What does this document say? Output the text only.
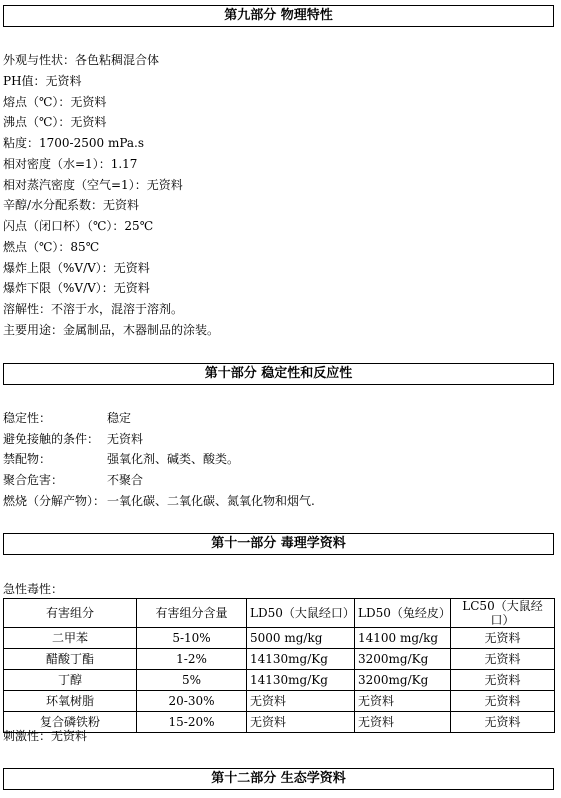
第九部分 物理特性
外观与性状：各色粘稠混合体
PH值：无资料
熔点（℃）：无资料
沸点（℃）：无资料
粘度：1700-2500 mPa.s
相对密度（水=1）：1.17
相对蒸汽密度（空气=1）：无资料
辛醇/水分配系数：无资料
闪点（闭口杯）（℃）：25℃
燃点（℃）：85℃
爆炸上限（%V/V）：无资料
爆炸下限（%V/V）：无资料
溶解性：不溶于水，混溶于溶剂。
主要用途：金属制品，木器制品的涂装。
第十部分 稳定性和反应性
稳定性：	稳定
避免接触的条件： 无资料
禁配物：	强氧化剂、碱类、酸类。
聚合危害：	不聚合
燃烧（分解产物）： 一氧化碳、二氧化碳、氮氧化物和烟气.
第十一部分 毒理学资料
急性毒性：
有害组分	有害组分含量	LD50（大鼠经口）	LD50（兔经皮）	LC50（大鼠经口）
二甲苯	5-10%	5000 mg/kg	14100 mg/kg	无资料
醋酸丁酯	1-2%	14130mg/Kg	3200mg/Kg	无资料
丁醇	5%	14130mg/Kg	3200mg/Kg	无资料
环氧树脂	20-30%	无资料	无资料	无资料
复合磷铁粉	15-20%	无资料	无资料	无资料
刺激性：无资料
第十二部分 生态学资料
